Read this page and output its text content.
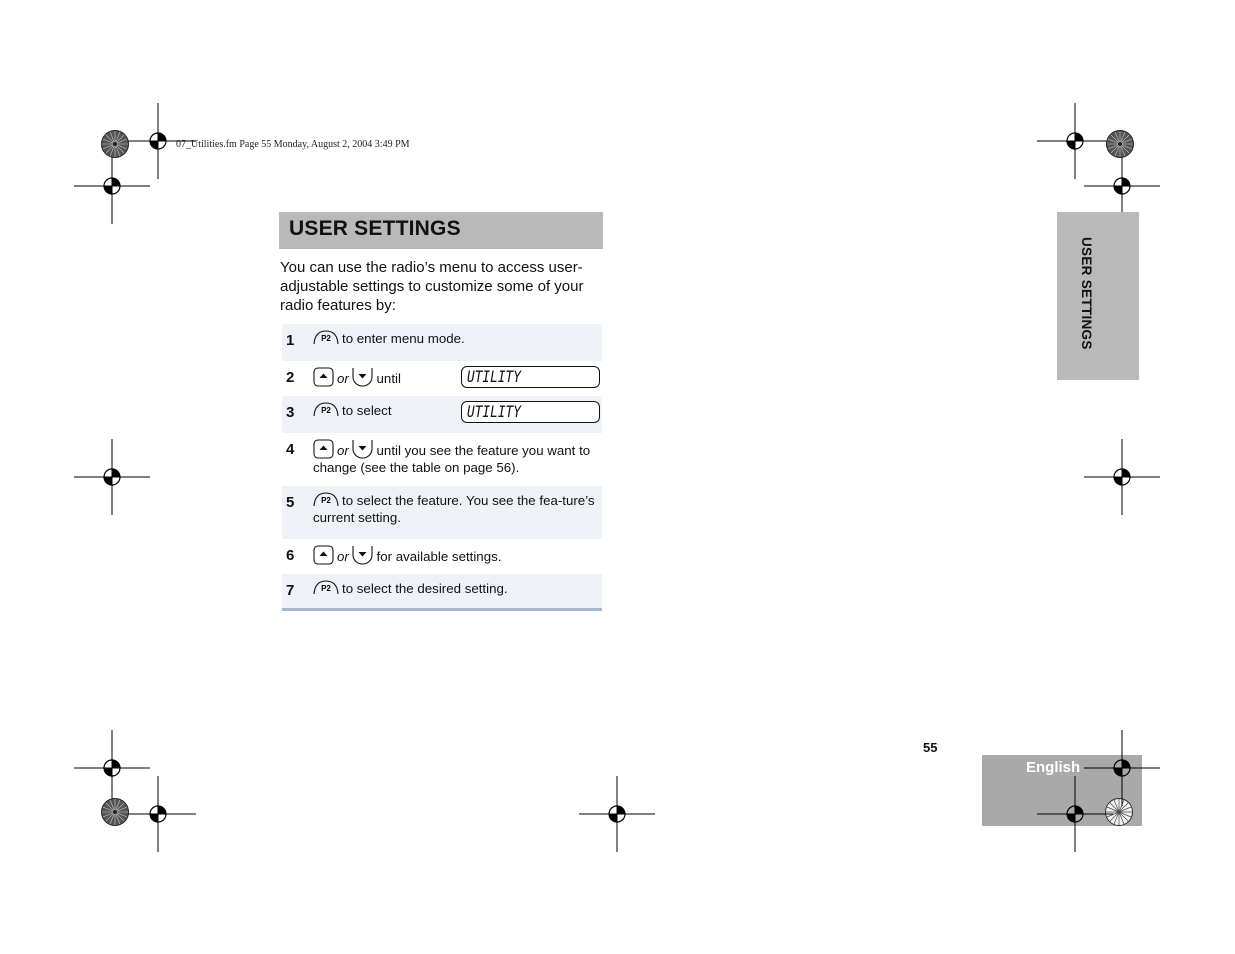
07_Utilities.fm Page 55 Monday, August 2, 2004 3:49 PM
USER SETTINGS
You can use the radio’s menu to access user-adjustable settings to customize some of your radio features by:
1	P2 to enter menu mode.
2	or until	UTILITY
3	P2 to select	UTILITY
4	or until you see the feature you want to change (see the table on page 56).
5	P2 to select the feature. You see the fea-ture’s current setting.
6	or for available settings.
7	P2 to select the desired setting.
USER SETTINGS
55
English
